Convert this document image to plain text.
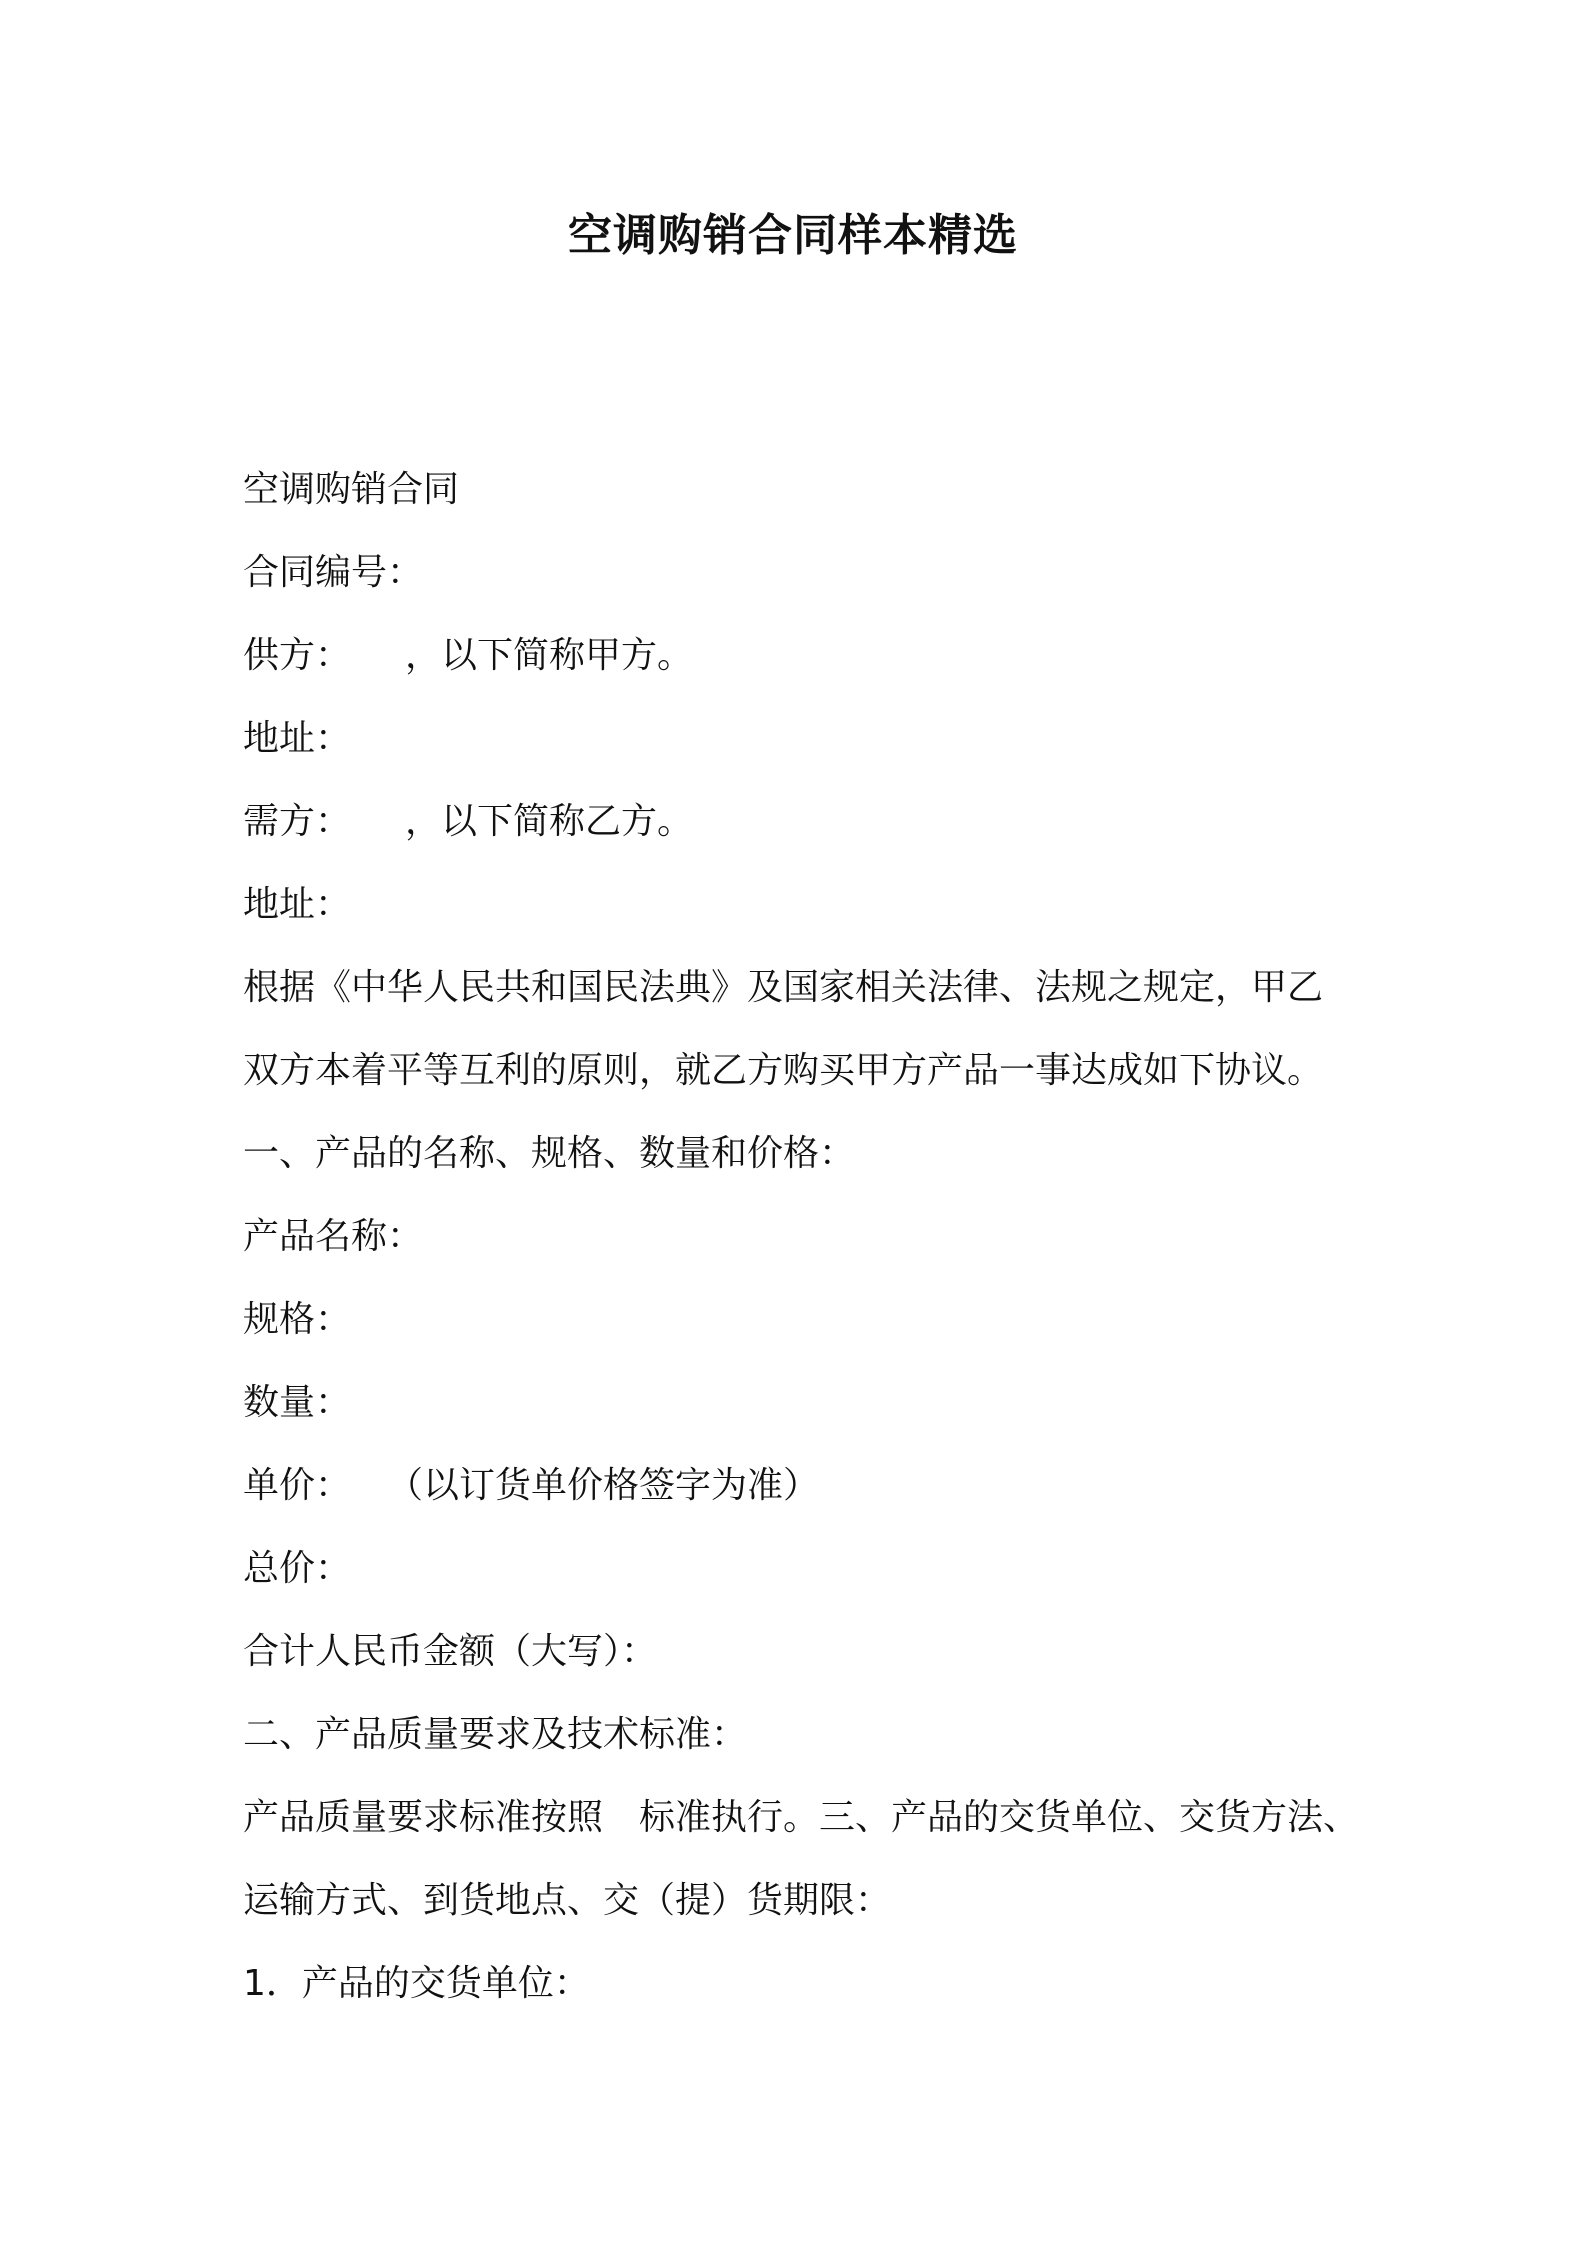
空调购销合同样本精选

空调购销合同

合同编号：

供方：　　，以下简称甲方。

地址：

需方：　　，以下简称乙方。

地址：

根据《中华人民共和国民法典》及国家相关法律、法规之规定，甲乙

双方本着平等互利的原则，就乙方购买甲方产品一事达成如下协议。

一、产品的名称、规格、数量和价格：

产品名称：

规格：

数量：

单价：　　（以订货单价格签字为准）

总价：

合计人民币金额（大写）：

二、产品质量要求及技术标准：

产品质量要求标准按照　标准执行。三、产品的交货单位、交货方法、

运输方式、到货地点、交（提）货期限：

1．产品的交货单位：
